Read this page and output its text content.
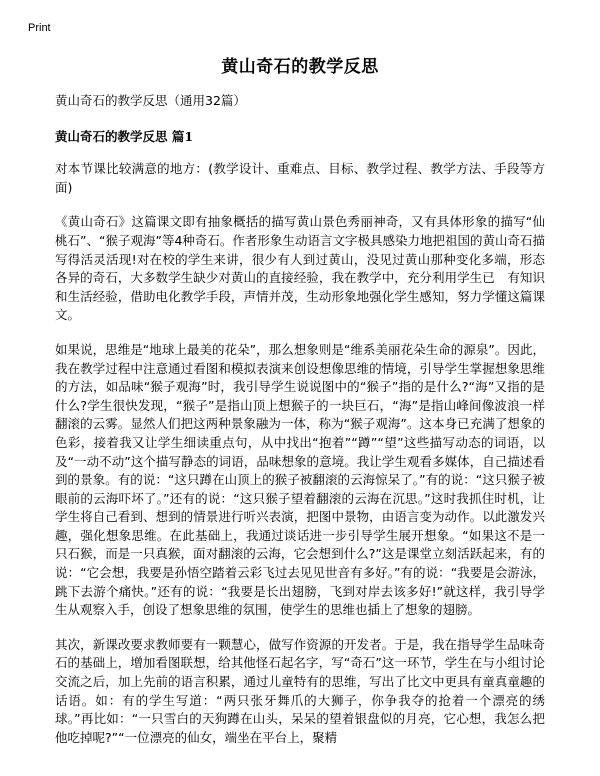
Print
黄山奇石的教学反思

黄山奇石的教学反思（通用32篇）

黄山奇石的教学反思 篇1

对本节课比较满意的地方：(教学设计、重难点、目标、教学过程、教学方法、手段等方面)

《黄山奇石》这篇课文即有抽象概括的描写黄山景色秀丽神奇，又有具体形象的描写“仙桃石”、“猴子观海”等4种奇石。作者形象生动语言文字极具感染力地把祖国的黄山奇石描写得活灵活现!对在校的学生来讲，很少有人到过黄山，没见过黄山那种变化多端，形态各异的奇石，大多数学生缺少对黄山的直接经验，我在教学中，充分利用学生已　有知识和生活经验，借助电化教学手段，声情并茂，生动形象地强化学生感知，努力学懂这篇课文。

如果说，思维是“地球上最美的花朵”，那么想象则是“维系美丽花朵生命的源泉”。因此，我在教学过程中注意通过看图和模拟表演来创设想像思维的情境，引导学生掌握想象思维的方法，如品味“猴子观海”时，我引导学生说说图中的“猴子”指的是什么?“海”又指的是什么?学生很快发现，“猴子”是指山顶上想猴子的一块巨石，“海”是指山峰间像波浪一样翻滚的云雾。显然人们把这两种景象融为一体，称为“猴子观海”。这本身已充满了想象的色彩，接着我又让学生细读重点句，从中找出“抱着”“蹲”“望”这些描写动态的词语，以及“一动不动”这个描写静态的词语，品味想象的意境。我让学生观看多媒体，自己描述看到的景象。有的说：“这只蹲在山顶上的猴子被翻滚的云海惊呆了。”有的说：“这只猴子被眼前的云海吓坏了。”还有的说：“这只猴子望着翻滚的云海在沉思。”这时我抓住时机，让学生将自己看到、想到的情景进行听兴表演，把图中景物，由语言变为动作。以此激发兴趣，强化想象思维。在此基础上，我通过谈话进一步引导学生展开想象。“如果这不是一只石猴，而是一只真猴，面对翻滚的云海，它会想到什么?”这是课堂立刻活跃起来，有的说：“它会想，我要是孙悟空踏着云彩飞过去见见世音有多好。”有的说：“我要是会游泳，跳下去游个痛快。”还有的说：“我要是长出翅膀，飞到对岸去该多好!”就这样，我引导学生从观察入手，创设了想象思维的氛围，使学生的思维也插上了想象的翅膀。

其次，新课改要求教师要有一颗慧心，做写作资源的开发者。于是，我在指导学生品味奇石的基础上，增加看图联想，给其他怪石起名字，写“奇石”这一环节，学生在与小组讨论交流之后，加上先前的语言积累，通过儿童特有的思维，写出了比文中更具有童真童趣的话语。如：有的学生写道：“两只张牙舞爪的大狮子，你争我夺的抢着一个漂亮的绣球。”再比如：“一只雪白的天狗蹲在山头，呆呆的望着银盘似的月亮，它心想，我怎么把他吃掉呢?”“一位漂亮的仙女，端坐在平台上，聚精
